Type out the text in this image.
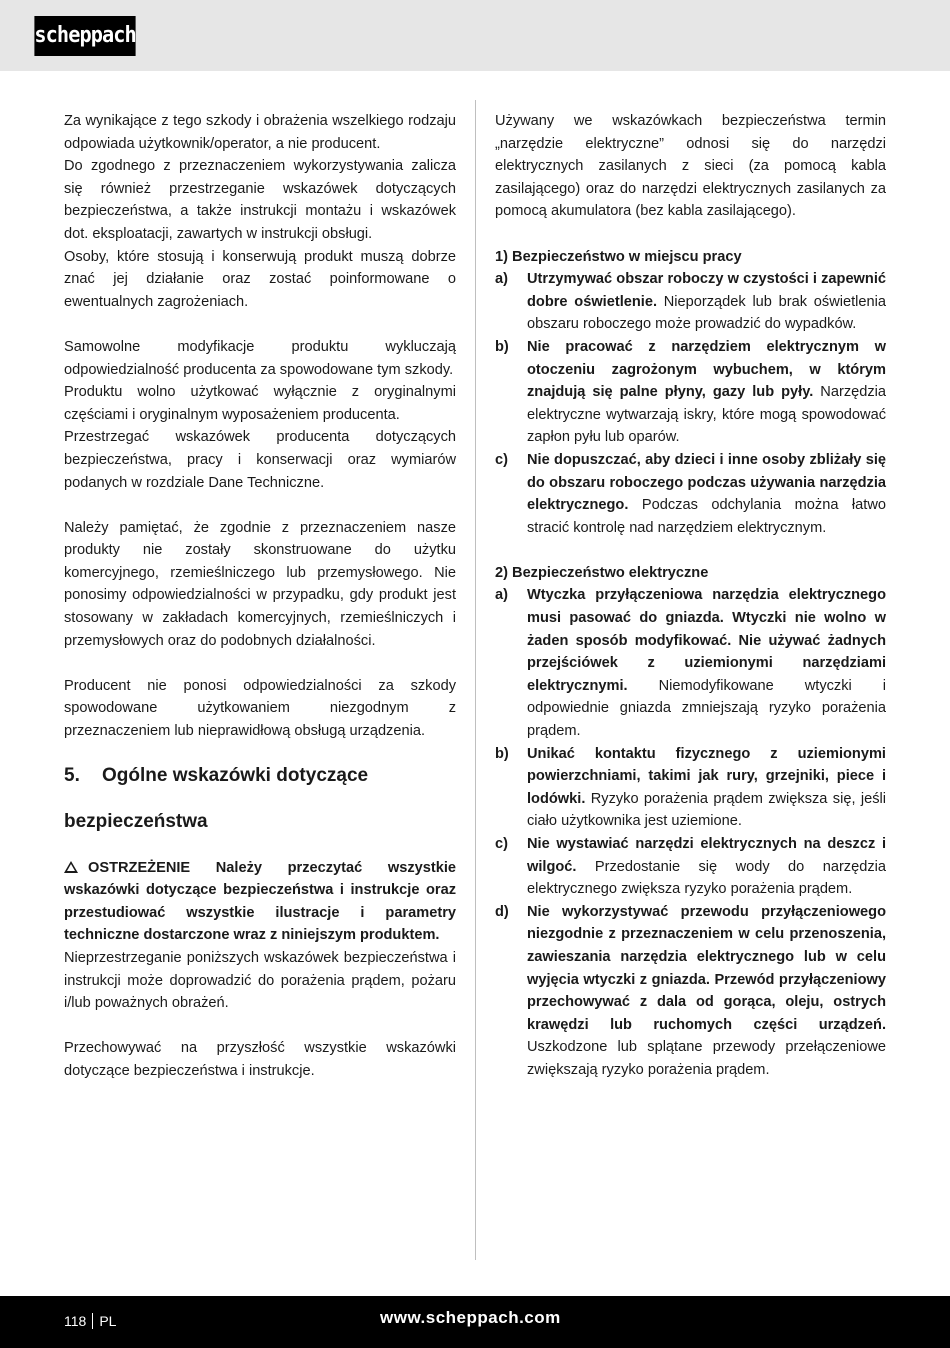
scheppach

Za wynikające z tego szkody i obrażenia wszelkiego rodzaju odpowiada użytkownik/operator, a nie producent.

Do zgodnego z przeznaczeniem wykorzystywania zalicza się również przestrzeganie wskazówek dotyczących bezpieczeństwa, a także instrukcji montażu i wskazówek dot. eksploatacji, zawartych w instrukcji obsługi.

Osoby, które stosują i konserwują produkt muszą dobrze znać jej działanie oraz zostać poinformowane o ewentualnych zagrożeniach.

Samowolne modyfikacje produktu wykluczają odpowiedzialność producenta za spowodowane tym szkody.

Produktu wolno użytkować wyłącznie z oryginalnymi częściami i oryginalnym wyposażeniem producenta.

Przestrzegać wskazówek producenta dotyczących bezpieczeństwa, pracy i konserwacji oraz wymiarów podanych w rozdziale Dane Techniczne.

Należy pamiętać, że zgodnie z przeznaczeniem nasze produkty nie zostały skonstruowane do użytku komercyjnego, rzemieślniczego lub przemysłowego. Nie ponosimy odpowiedzialności w przypadku, gdy produkt jest stosowany w zakładach komercyjnych, rzemieślniczych i przemysłowych oraz do podobnych działalności.

Producent nie ponosi odpowiedzialności za szkody spowodowane użytkowaniem niezgodnym z przeznaczeniem lub nieprawidłową obsługą urządzenia.

5. Ogólne wskazówki dotyczące bezpieczeństwa

OSTRZEŻENIE Należy przeczytać wszystkie wskazówki dotyczące bezpieczeństwa i instrukcje oraz przestudiować wszystkie ilustracje i parametry techniczne dostarczone wraz z niniejszym produktem.

Nieprzestrzeganie poniższych wskazówek bezpieczeństwa i instrukcji może doprowadzić do porażenia prądem, pożaru i/lub poważnych obrażeń.

Przechowywać na przyszłość wszystkie wskazówki dotyczące bezpieczeństwa i instrukcje.

Używany we wskazówkach bezpieczeństwa termin „narzędzie elektryczne” odnosi się do narzędzi elektrycznych zasilanych z sieci (za pomocą kabla zasilającego) oraz do narzędzi elektrycznych zasilanych za pomocą akumulatora (bez kabla zasilającego).

1) Bezpieczeństwo w miejscu pracy

a) Utrzymywać obszar roboczy w czystości i zapewnić dobre oświetlenie. Nieporządek lub brak oświetlenia obszaru roboczego może prowadzić do wypadków.

b) Nie pracować z narzędziem elektrycznym w otoczeniu zagrożonym wybuchem, w którym znajdują się palne płyny, gazy lub pyły. Narzędzia elektryczne wytwarzają iskry, które mogą spowodować zapłon pyłu lub oparów.

c) Nie dopuszczać, aby dzieci i inne osoby zbliżały się do obszaru roboczego podczas używania narzędzia elektrycznego. Podczas odchylania można łatwo stracić kontrolę nad narzędziem elektrycznym.

2) Bezpieczeństwo elektryczne

a) Wtyczka przyłączeniowa narzędzia elektrycznego musi pasować do gniazda. Wtyczki nie wolno w żaden sposób modyfikować. Nie używać żadnych przejściówek z uziemionymi narzędziami elektrycznymi. Niemodyfikowane wtyczki i odpowiednie gniazda zmniejszają ryzyko porażenia prądem.

b) Unikać kontaktu fizycznego z uziemionymi powierzchniami, takimi jak rury, grzejniki, piece i lodówki. Ryzyko porażenia prądem zwiększa się, jeśli ciało użytkownika jest uziemione.

c) Nie wystawiać narzędzi elektrycznych na deszcz i wilgoć. Przedostanie się wody do narzędzia elektrycznego zwiększa ryzyko porażenia prądem.

d) Nie wykorzystywać przewodu przyłączeniowego niezgodnie z przeznaczeniem w celu przenoszenia, zawieszania narzędzia elektrycznego lub w celu wyjęcia wtyczki z gniazda. Przewód przyłączeniowy przechowywać z dala od gorąca, oleju, ostrych krawędzi lub ruchomych części urządzeń. Uszkodzone lub splątane przewody przełączeniowe zwiększają ryzyko porażenia prądem.

118 PL	www.scheppach.com
